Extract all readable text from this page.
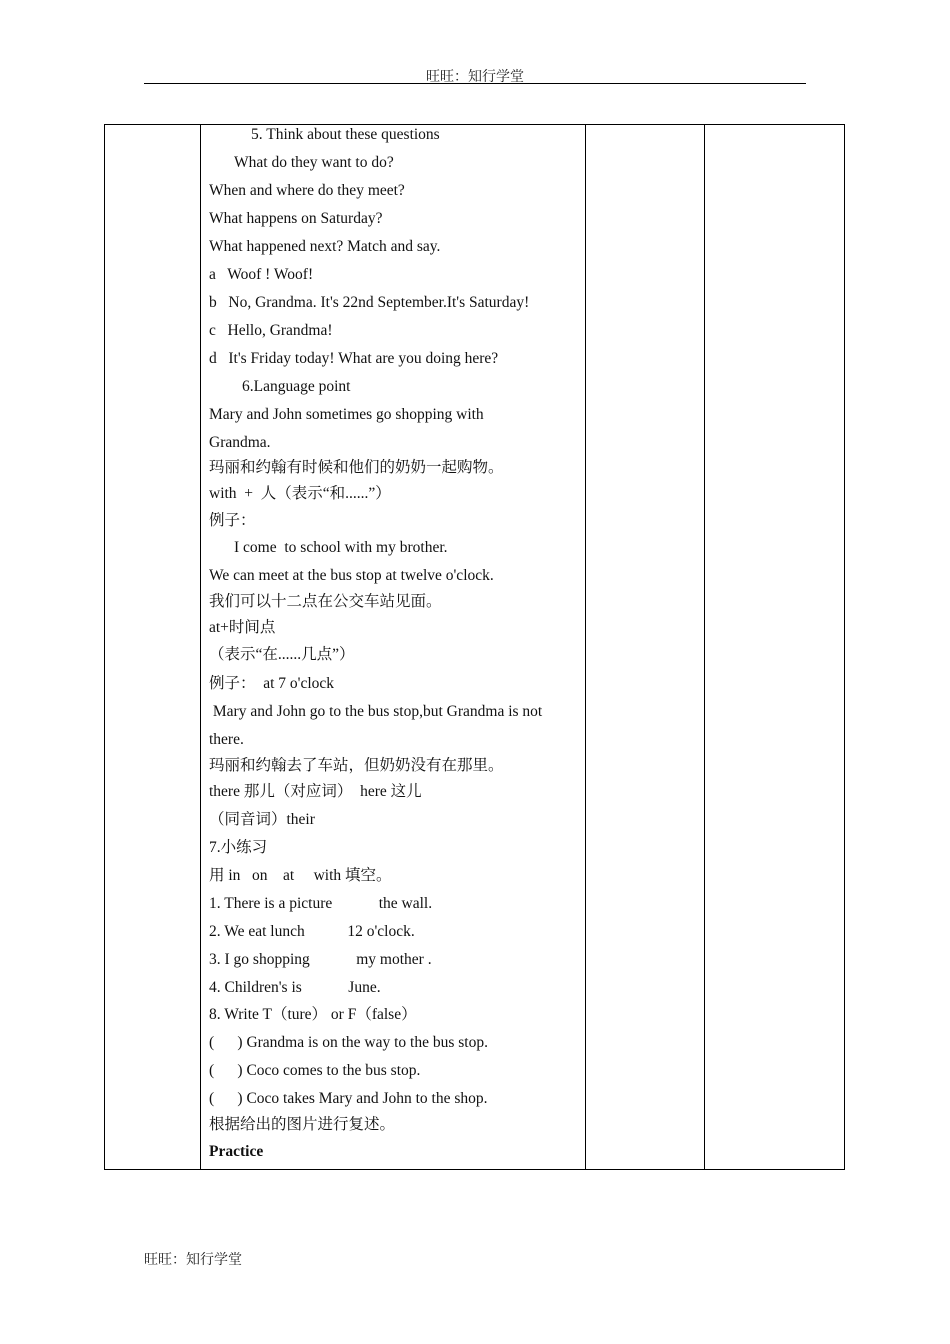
旺旺：知行学堂
5. Think about these questions
What do they want to do?
When and where do they meet?
What happens on Saturday?
What happened next? Match and say.
a   Woof ! Woof!
b   No, Grandma. It's 22nd September.It's Saturday!
c   Hello, Grandma!
d   It's Friday today! What are you doing here?
6.Language point
Mary and John sometimes go shopping with
Grandma.
玛丽和约翰有时候和他们的奶奶一起购物。
with  +  人（表示“和......”）
例子：
I come  to school with my brother.
We can meet at the bus stop at twelve o'clock.
我们可以十二点在公交车站见面。
at+时间点
（表示“在......几点”）
例子：  at 7 o'clock
Mary and John go to the bus stop,but Grandma is not
there.
玛丽和约翰去了车站，但奶奶没有在那里。
there 那儿（对应词）  here 这儿
（同音词）their
7.小练习
用 in   on    at     with 填空。
1. There is a picture            the wall.
2. We eat lunch           12 o'clock.
3. I go shopping            my mother .
4. Children's is            June.
8. Write T（ture） or F（false）
(      ) Grandma is on the way to the bus stop.
(      ) Coco comes to the bus stop.
(      ) Coco takes Mary and John to the shop.
根据给出的图片进行复述。
Practice
旺旺：知行学堂
